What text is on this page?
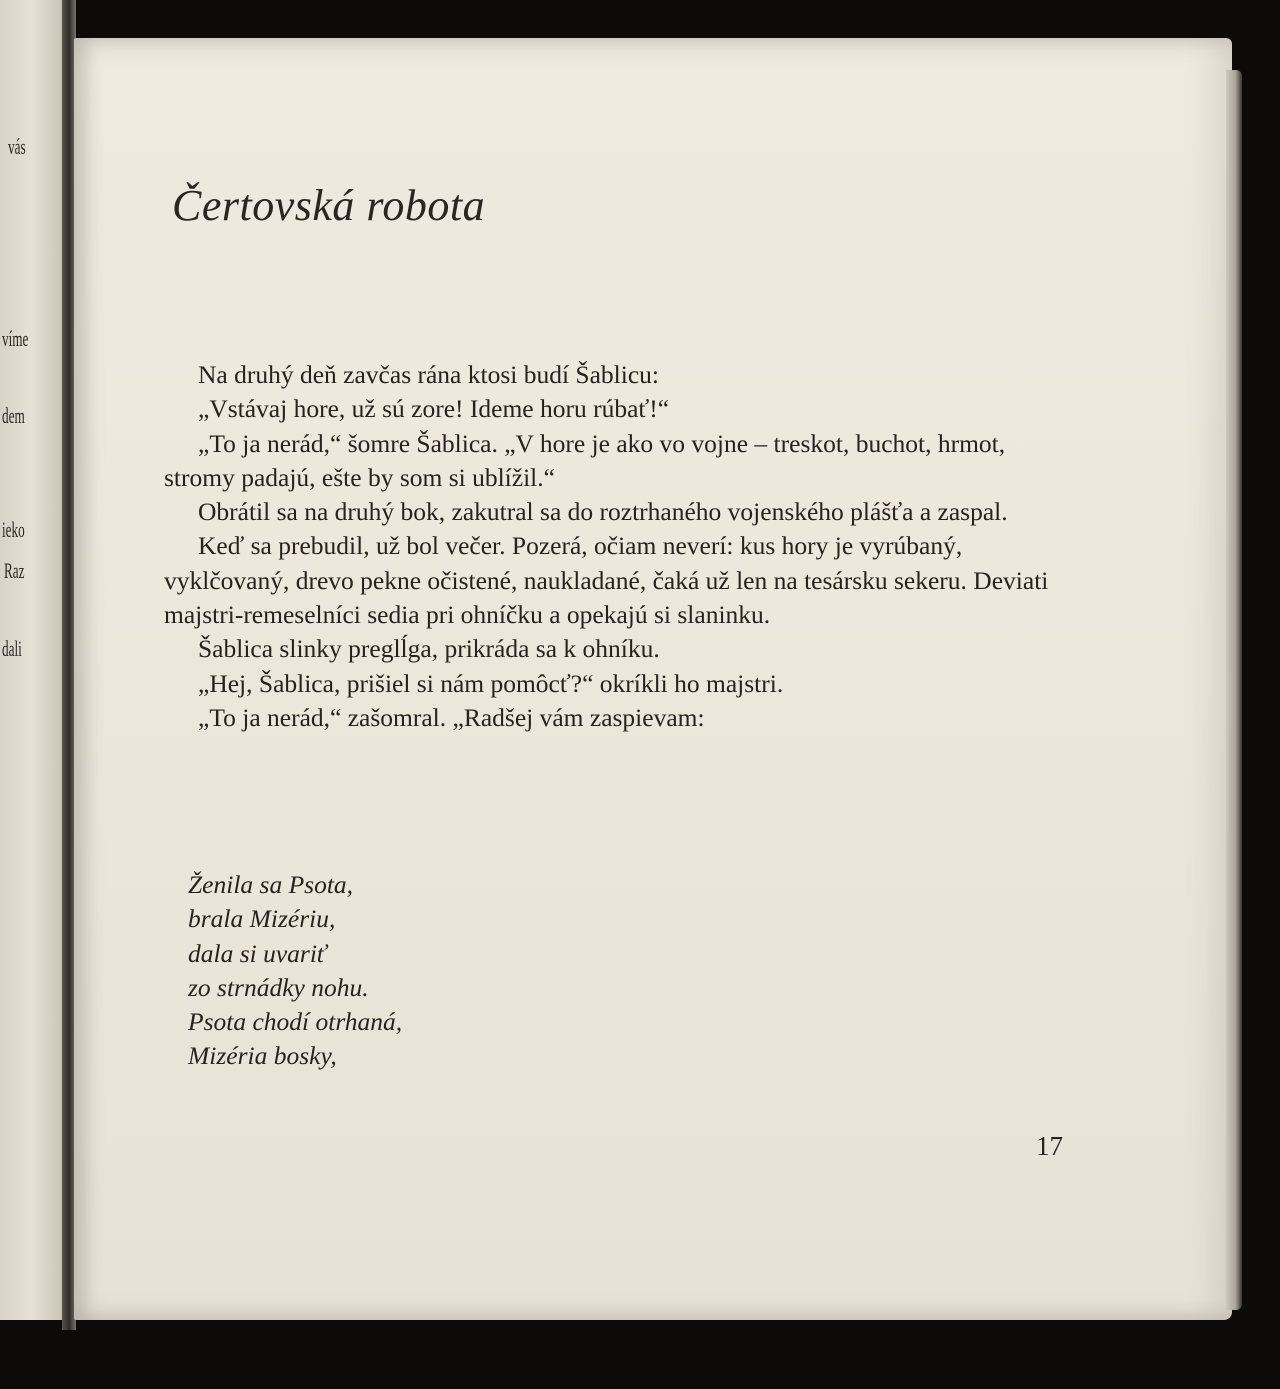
vás
víme
dem
ieko
Raz
dali
Čertovská robota

Na druhý deň zavčas rána ktosi budí Šablicu:

„Vstávaj hore, už sú zore! Ideme horu rúbať!“

„To ja nerád,“ šomre Šablica. „V hore je ako vo vojne – treskot, buchot, hrmot, stromy padajú, ešte by som si ublížil.“

Obrátil sa na druhý bok, zakutral sa do roztrhaného vojenského plášťa a zaspal.

Keď sa prebudil, už bol večer. Pozerá, očiam neverí: kus hory je vyrúbaný, vyklčovaný, drevo pekne očistené, naukladané, čaká už len na tesársku sekeru. Deviati majstri-remeselníci sedia pri ohníčku a opekajú si slaninku.

Šablica slinky preglĺga, prikráda sa k ohníku.

„Hej, Šablica, prišiel si nám pomôcť?“ okríkli ho majstri.

„To ja nerád,“ zašomral. „Radšej vám zaspievam:

Ženila sa Psota,
brala Mizériu,
dala si uvariť
zo strnádky nohu.
Psota chodí otrhaná,
Mizéria bosky,
17
